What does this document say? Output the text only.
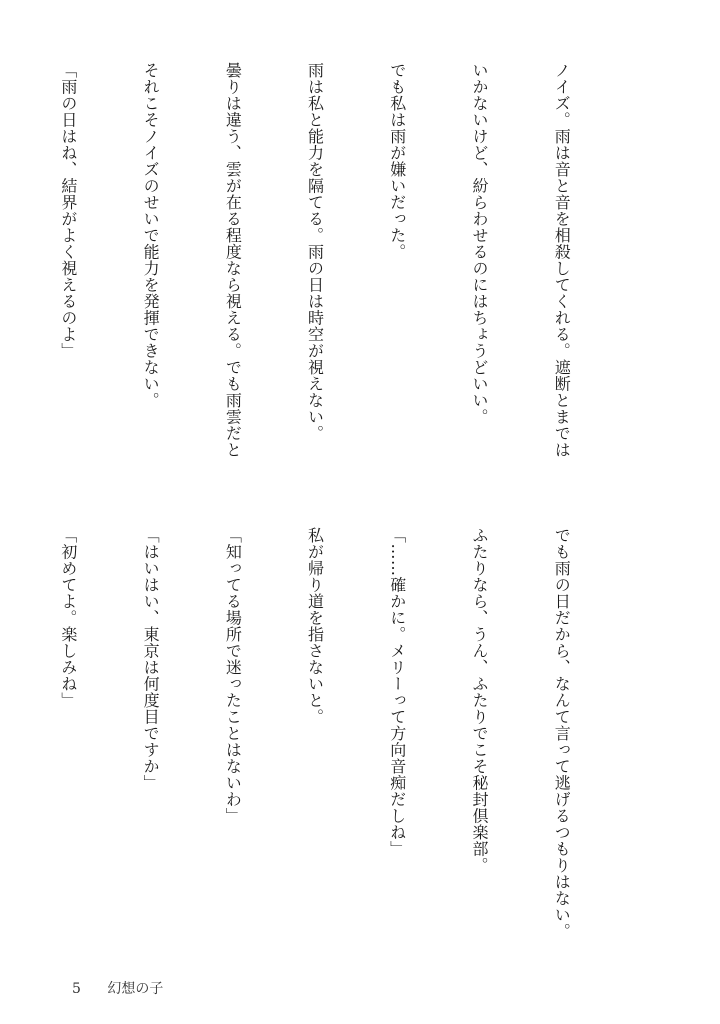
ノイズ。雨は音と音を相殺してくれる。遮断とまでは

いかないけど、紛らわせるのにはちょうどいい。

でも私は雨が嫌いだった。

雨は私と能力を隔てる。雨の日は時空が視えない。

曇りは違う、雲が在る程度なら視える。でも雨雲だと

それこそノイズのせいで能力を発揮できない。

「雨の日はね、結界がよく視えるのよ」

でも雨の日だから、なんて言って逃げるつもりはない。

ふたりなら、うん、ふたりでこそ秘封倶楽部。

「……確かに。メリーって方向音痴だしね」

私が帰り道を指さないと。

「知ってる場所で迷ったことはないわ」

「はいはい、東京は何度目ですか」

「初めてよ。楽しみね」

5 幻想の子
